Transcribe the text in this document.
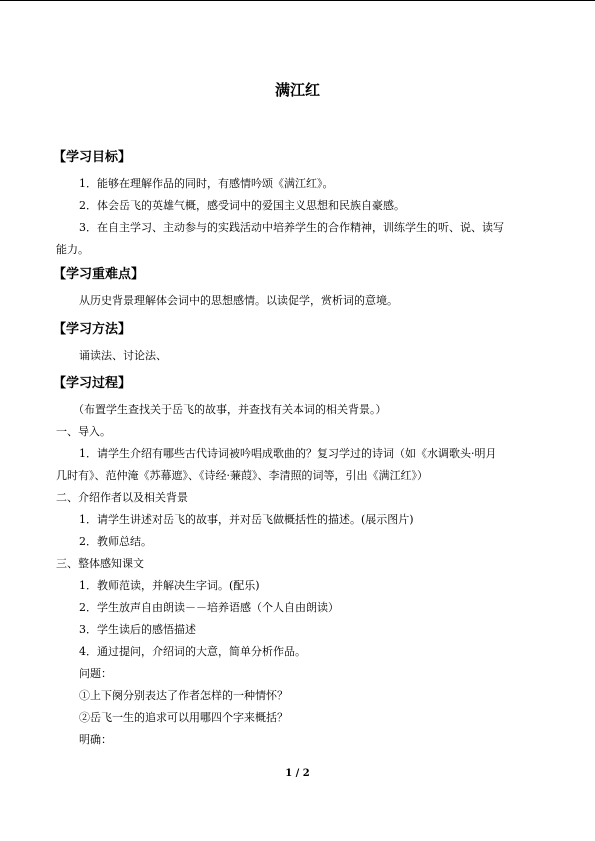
满江红
【学习目标】
1．能够在理解作品的同时，有感情吟颂《满江红》。
2．体会岳飞的英雄气概，感受词中的爱国主义思想和民族自豪感。
3．在自主学习、主动参与的实践活动中培养学生的合作精神，训练学生的听、说、读写
能力。
【学习重难点】
从历史背景理解体会词中的思想感情。以读促学，赏析词的意境。
【学习方法】
诵读法、讨论法、
【学习过程】
（布置学生查找关于岳飞的故事，并查找有关本词的相关背景。）
一、导入。
1．请学生介绍有哪些古代诗词被吟唱成歌曲的？复习学过的诗词（如《水调歌头·明月
几时有》、范仲淹《苏幕遮》、《诗经·蒹葭》、李清照的词等，引出《满江红》）
二、介绍作者以及相关背景
1．请学生讲述对岳飞的故事，并对岳飞做概括性的描述。(展示图片)
2．教师总结。
三、整体感知课文
1．教师范读，并解决生字词。(配乐)
2．学生放声自由朗读－－培养语感（个人自由朗读）
3．学生读后的感悟描述
4．通过提问，介绍词的大意，简单分析作品。
问题：
①上下阕分别表达了作者怎样的一种情怀？
②岳飞一生的追求可以用哪四个字来概括？
明确：
1 / 2
